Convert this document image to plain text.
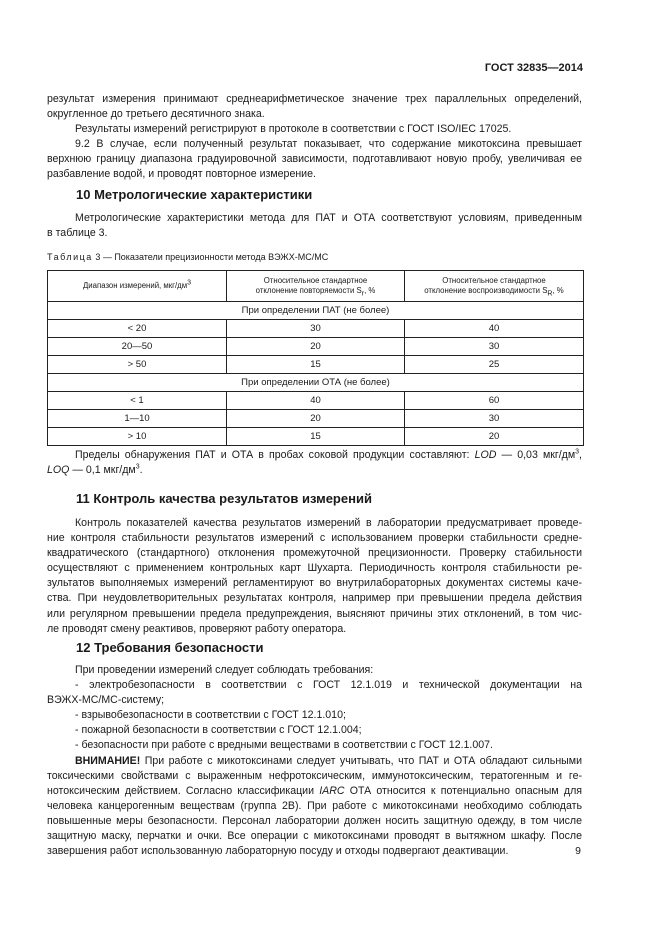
ГОСТ 32835—2014
результат измерения принимают среднеарифметическое значение трех параллельных определений,
округленное до третьего десятичного знака.
Результаты измерений регистрируют в протоколе в соответствии с ГОСТ ISO/IEC 17025.
9.2 В случае, если полученный результат показывает, что содержание микотоксина превышает
верхнюю границу диапазона градуировочной зависимости, подготавливают новую пробу, увеличивая ее
разбавление водой, и проводят повторное измерение.
10 Метрологические характеристики
Метрологические характеристики метода для ПАТ и ОТА соответствуют условиям, приведенным
в таблице 3.
Таблица 3 — Показатели прецизионности метода ВЭЖХ-МС/МС
Диапазон измерений, мкг/$дм^3$	Относительное стандартное
отклонение повторяемости $S_r$, %	Относительное стандартное
отклонение воспроизводимости $S_R$, %
При определении ПАТ (не более)		
< 20	30	40
20—50	20	30
> 50	15	25
При определении ОТА (не более)		
< 1	40	60
1—10	20	30
> 10	15	20
Пределы обнаружения ПАТ и ОТА в пробах соковой продукции составляют: LOD — 0,03 мкг/$дм^3$,
LOQ — 0,1 мкг/$дм^3$.
11 Контроль качества результатов измерений
Контроль показателей качества результатов измерений в лаборатории предусматривает проведе-
ние контроля стабильности результатов измерений с использованием проверки стабильности средне-
квадратического (стандартного) отклонения промежуточной прецизионности. Проверку стабильности
осуществляют с применением контрольных карт Шухарта. Периодичность контроля стабильности ре-
зультатов выполняемых измерений регламентируют во внутрилабораторных документах системы каче-
ства. При неудовлетворительных результатах контроля, например при превышении предела действия
или регулярном превышении предела предупреждения, выясняют причины этих отклонений, в том чис-
ле проводят смену реактивов, проверяют работу оператора.
12 Требования безопасности
При проведении измерений следует соблюдать требования:
- электробезопасности в соответствии с ГОСТ 12.1.019 и технической документации на
ВЭЖХ-МС/МС-систему;
- взрывобезопасности в соответствии с ГОСТ 12.1.010;
- пожарной безопасности в соответствии с ГОСТ 12.1.004;
- безопасности при работе с вредными веществами в соответствии с ГОСТ 12.1.007.
ВНИМАНИЕ! При работе с микотоксинами следует учитывать, что ПАТ и ОТА обладают сильными
токсическими свойствами с выраженным нефротоксическим, иммунотоксическим, тератогенным и ге-
нотоксическим действием. Согласно классификации IARC ОТА относится к потенциально опасным для
человека канцерогенным веществам (группа 2B). При работе с микотоксинами необходимо соблюдать
повышенные меры безопасности. Персонал лаборатории должен носить защитную одежду, в том числе
защитную маску, перчатки и очки. Все операции с микотоксинами проводят в вытяжном шкафу. После
завершения работ использованную лабораторную посуду и отходы подвергают деактивации.	9
